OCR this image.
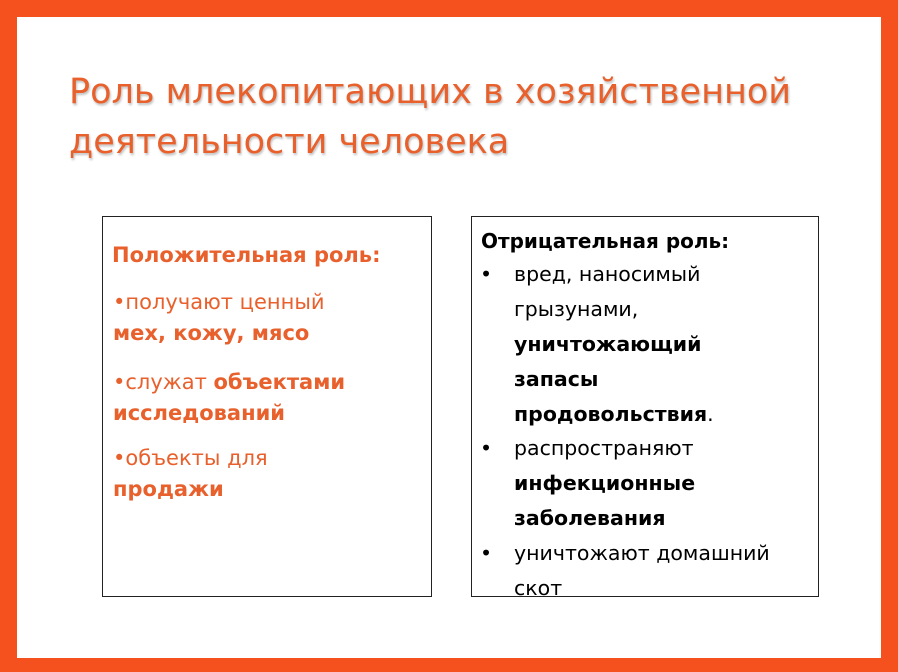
Роль млекопитающих в хозяйственной деятельности человека
Положительная роль:
•получают ценный
мех, кожу, мясо
•служат объектами исследований
•объекты для
продажи
Отрицательная роль:
• вред, наносимый грызунами, уничтожающий запасы продовольствия.
• распространяют инфекционные заболевания
• уничтожают домашний скот
